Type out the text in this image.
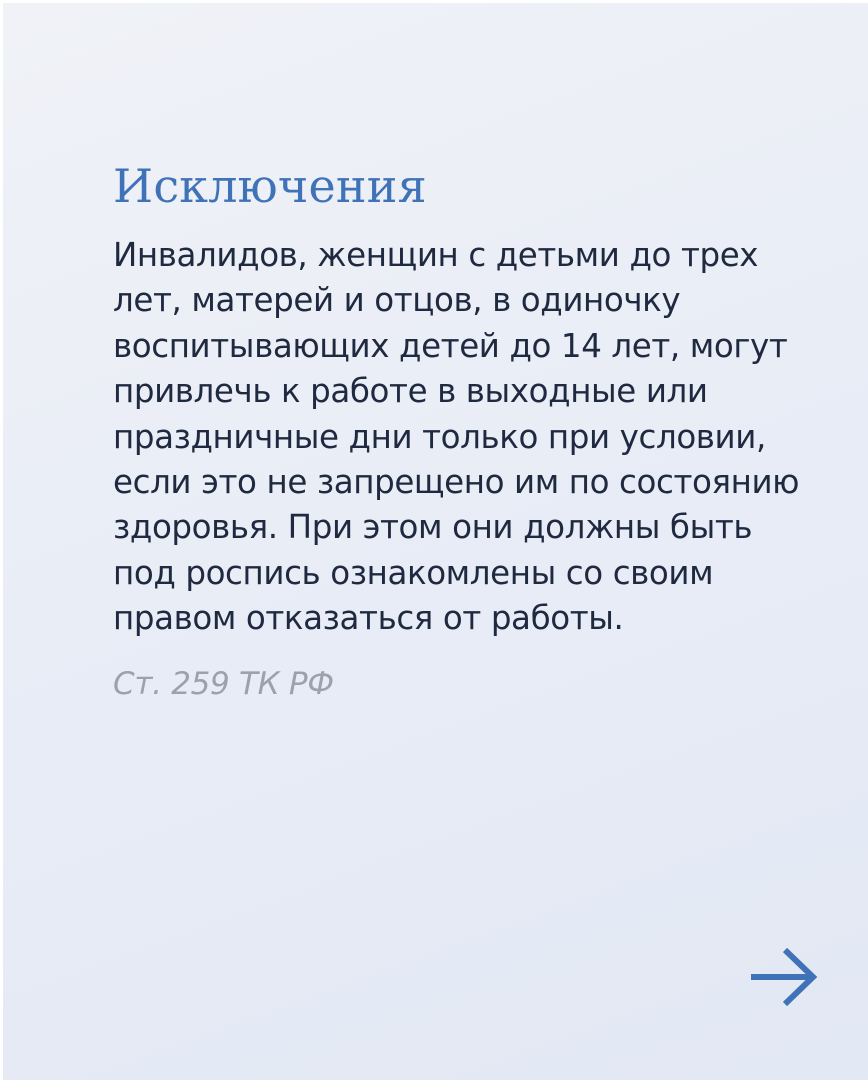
Исключения

Инвалидов, женщин с детьми до трех
лет, матерей и отцов, в одиночку
воспитывающих детей до 14 лет, могут
привлечь к работе в выходные или
праздничные дни только при условии,
если это не запрещено им по состоянию
здоровья. При этом они должны быть
под роспись ознакомлены со своим
правом отказаться от работы.

Ст. 259 ТК РФ
